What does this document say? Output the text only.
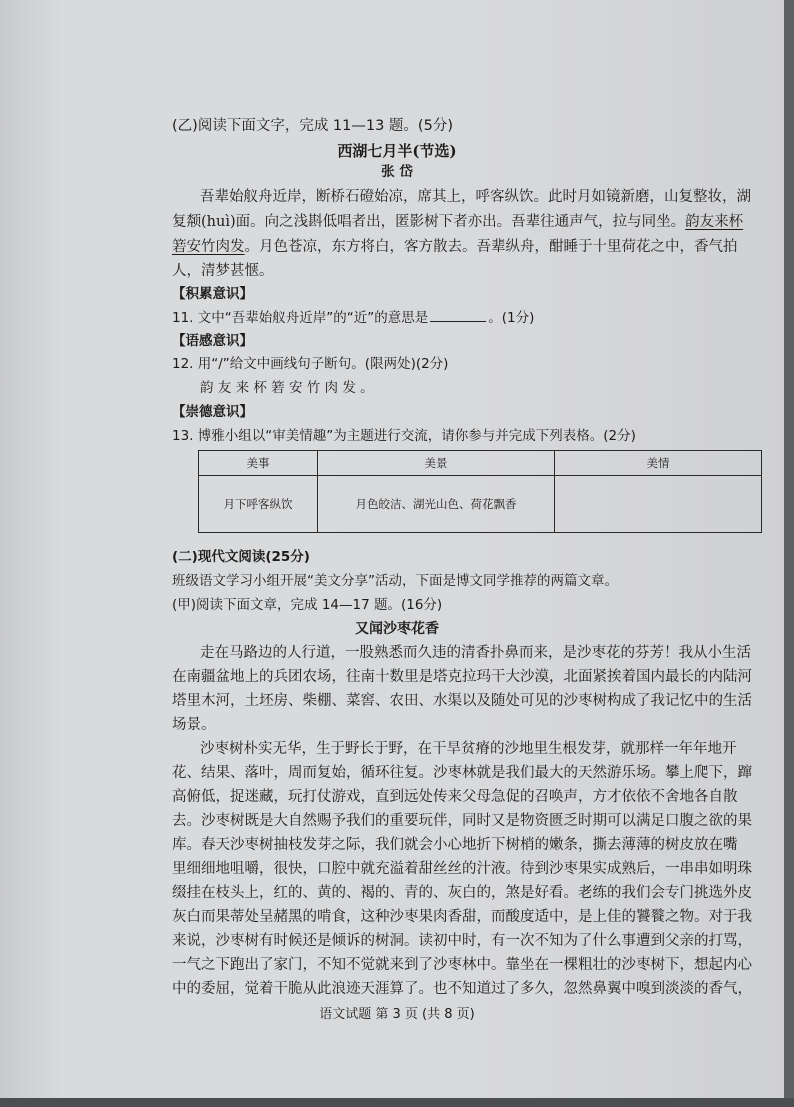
(乙)阅读下面文字，完成 11—13 题。(5分)
西湖七月半(节选)
张 岱
吾辈始舣舟近岸，断桥石磴始凉，席其上，呼客纵饮。此时月如镜新磨，山复整妆，湖
复颒(huì)面。向之浅斟低唱者出，匿影树下者亦出。吾辈往通声气，拉与同坐。韵友来杯
箬安竹肉发。月色苍凉，东方将白，客方散去。吾辈纵舟，酣睡于十里荷花之中，香气拍
人，清梦甚惬。
【积累意识】
11. 文中“吾辈始舣舟近岸”的“近”的意思是	。(1分)
【语感意识】
12. 用“/”给文中画线句子断句。(限两处)(2分)
韵 友 来 杯 箬 安 竹 肉 发 。
【崇德意识】
13. 博雅小组以“审美情趣”为主题进行交流，请你参与并完成下列表格。(2分)
美事	美景	美情
月下呼客纵饮	月色皎洁、湖光山色、荷花飘香	
(二)现代文阅读(25分)
班级语文学习小组开展“美文分享”活动，下面是博文同学推荐的两篇文章。
(甲)阅读下面文章，完成 14—17 题。(16分)
又闻沙枣花香
走在马路边的人行道，一股熟悉而久违的清香扑鼻而来，是沙枣花的芬芳！我从小生活
在南疆盆地上的兵团农场，往南十数里是塔克拉玛干大沙漠，北面紧挨着国内最长的内陆河
塔里木河，土坯房、柴棚、菜窖、农田、水渠以及随处可见的沙枣树构成了我记忆中的生活
场景。
沙枣树朴实无华，生于野长于野，在干旱贫瘠的沙地里生根发芽，就那样一年年地开
花、结果、落叶，周而复始，循环往复。沙枣林就是我们最大的天然游乐场。攀上爬下，蹿
高俯低，捉迷藏，玩打仗游戏，直到远处传来父母急促的召唤声，方才依依不舍地各自散
去。沙枣树既是大自然赐予我们的重要玩伴，同时又是物资匮乏时期可以满足口腹之欲的果
库。春天沙枣树抽枝发芽之际，我们就会小心地折下树梢的嫩条，撕去薄薄的树皮放在嘴
里细细地咀嚼，很快，口腔中就充溢着甜丝丝的汁液。待到沙枣果实成熟后，一串串如明珠
缀挂在枝头上，红的、黄的、褐的、青的、灰白的，煞是好看。老练的我们会专门挑选外皮
灰白而果蒂处呈赭黑的啃食，这种沙枣果肉香甜，而酸度适中，是上佳的饕餮之物。对于我
来说，沙枣树有时候还是倾诉的树洞。读初中时，有一次不知为了什么事遭到父亲的打骂，
一气之下跑出了家门，不知不觉就来到了沙枣林中。靠坐在一棵粗壮的沙枣树下，想起内心
中的委屈，觉着干脆从此浪迹天涯算了。也不知道过了多久，忽然鼻翼中嗅到淡淡的香气，
语文试题 第 3 页 (共 8 页)
